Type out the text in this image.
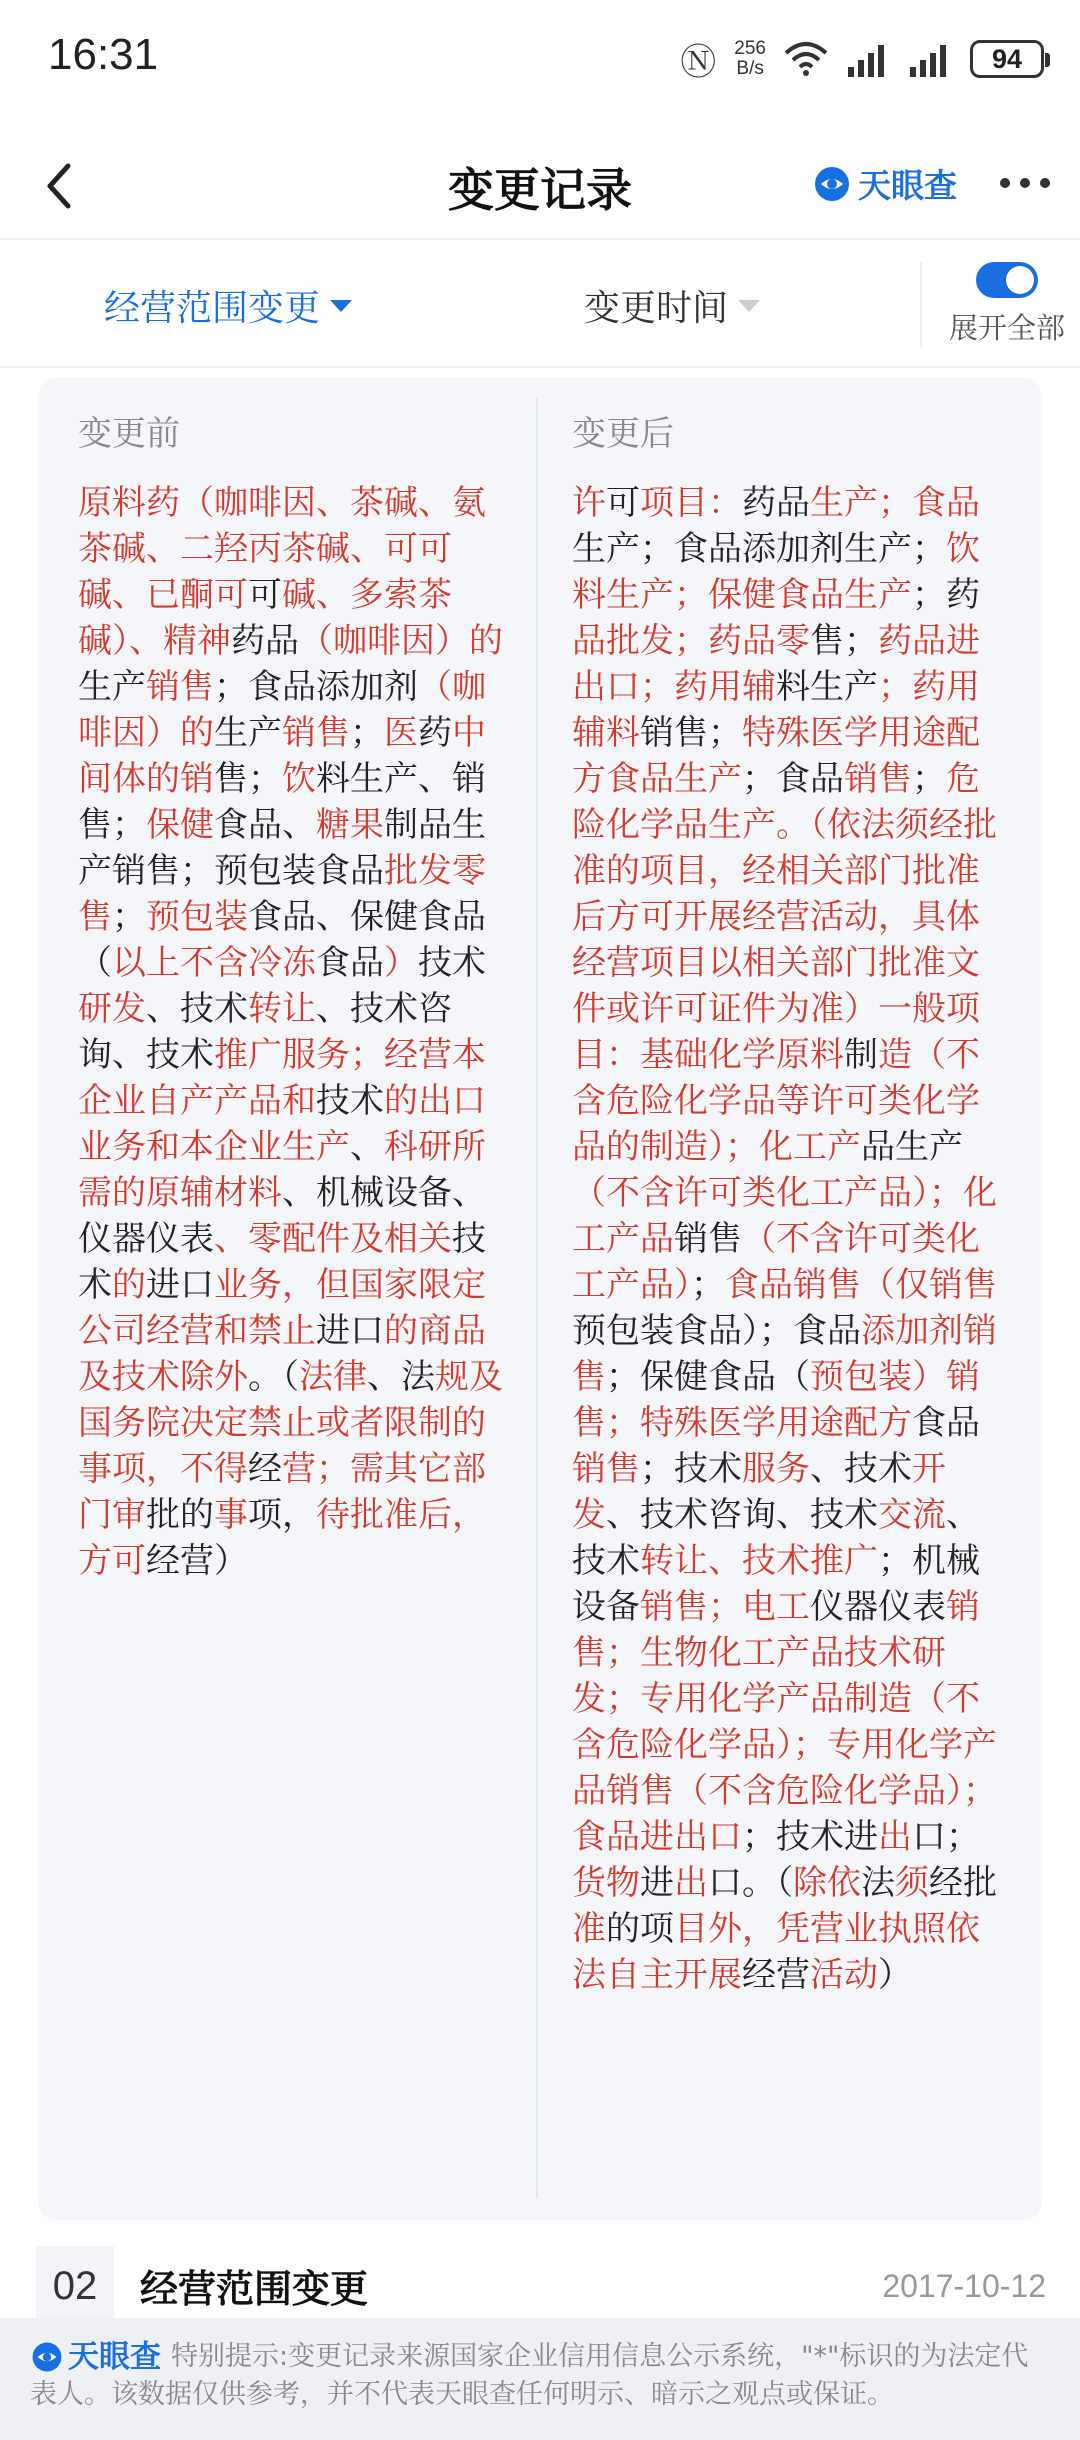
16:31	Ⓝ 256
B/s	94
变更记录	天眼查
经营范围变更	变更时间	展开全部
变更前
原料药（咖啡因、茶碱、氨茶碱、二羟丙茶碱、可可碱、已酮可可碱、多索茶碱）、精神药品（咖啡因）的生产销售；食品添加剂（咖啡因）的生产销售；医药中间体的销售；饮料生产、销售；保健食品、糖果制品生产销售；预包装食品批发零售；预包装食品、保健食品（以上不含冷冻食品）技术研发、技术转让、技术咨询、技术推广服务；经营本企业自产产品和技术的出口业务和本企业生产、科研所需的原辅材料、机械设备、仪器仪表、零配件及相关技术的进口业务，但国家限定公司经营和禁止进口的商品及技术除外。（法律、法规及国务院决定禁止或者限制的事项，不得经营；需其它部门审批的事项，待批准后，方可经营）
变更后
许可项目：药品生产；食品生产；食品添加剂生产；饮料生产；保健食品生产；药品批发；药品零售；药品进出口；药用辅料生产；药用辅料销售；特殊医学用途配方食品生产；食品销售；危险化学品生产。（依法须经批准的项目，经相关部门批准后方可开展经营活动，具体经营项目以相关部门批准文件或许可证件为准）一般项目：基础化学原料制造（不含危险化学品等许可类化学品的制造）；化工产品生产（不含许可类化工产品）；化工产品销售（不含许可类化工产品）；食品销售（仅销售预包装食品）；食品添加剂销售；保健食品（预包装）销售；特殊医学用途配方食品销售；技术服务、技术开发、技术咨询、技术交流、技术转让、技术推广；机械设备销售；电工仪器仪表销售；生物化工产品技术研发；专用化学产品制造（不含危险化学品）；专用化学产品销售（不含危险化学品）；食品进出口；技术进出口；货物进出口。（除依法须经批准的项目外，凭营业执照依法自主开展经营活动）
02	经营范围变更	2017-10-12
天眼查 特别提示:变更记录来源国家企业信用信息公示系统，"*"标识的为法定代表人。该数据仅供参考，并不代表天眼查任何明示、暗示之观点或保证。
